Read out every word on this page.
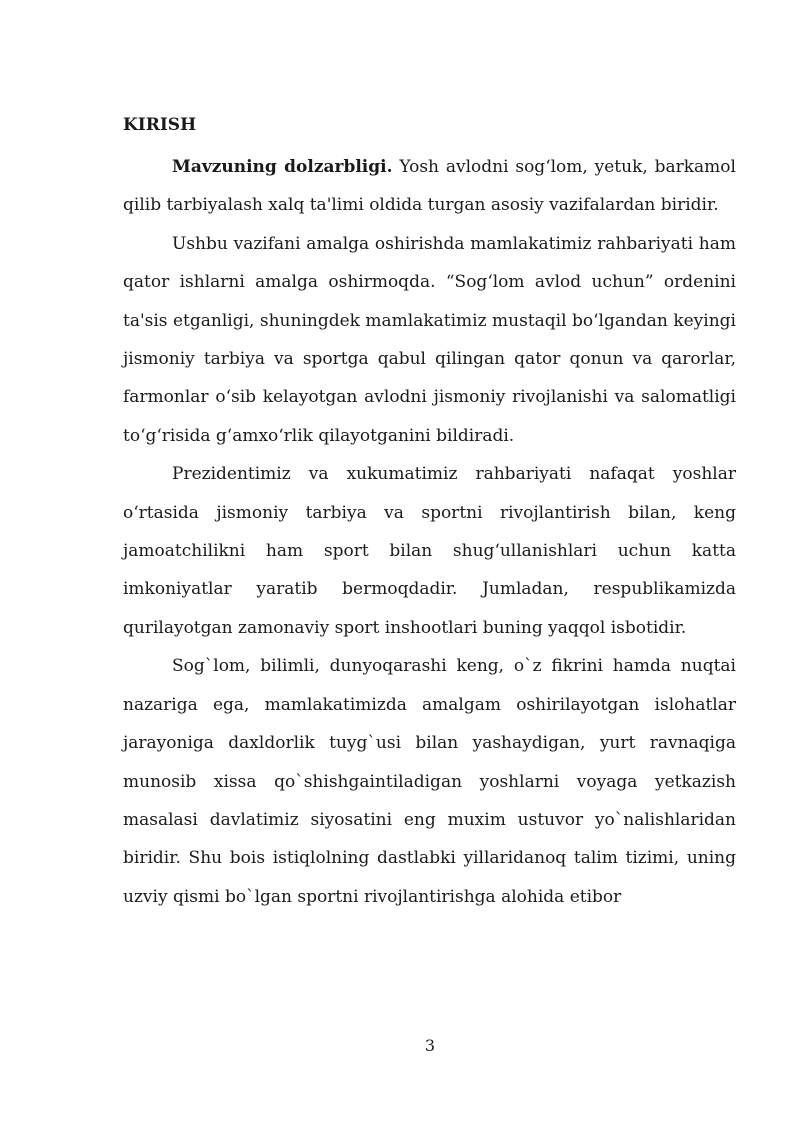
KIRISH

Mavzuning dolzarbligi. Yosh avlodni sog‘lom, yetuk, barkamol qilib tarbiyalash xalq ta'limi oldida turgan asosiy vazifalardan biridir.

Ushbu vazifani amalga oshirishda mamlakatimiz rahbariyati ham qator ishlarni amalga oshirmoqda. “Sog‘lom avlod uchun” ordenini ta'sis etganligi, shuningdek mamlakatimiz mustaqil bo‘lgandan keyingi jismoniy tarbiya va sportga qabul qilingan qator qonun va qarorlar, farmonlar o‘sib kelayotgan avlodni jismoniy rivojlanishi va salomatligi to‘g‘risida g‘amxo‘rlik qilayotganini bildiradi.

Prezidentimiz va xukumatimiz rahbariyati nafaqat yoshlar o‘rtasida jismoniy tarbiya va sportni rivojlantirish bilan, keng jamoatchilikni ham sport bilan shug‘ullanishlari uchun katta imkoniyatlar yaratib bermoqdadir. Jumladan, respublikamizda qurilayotgan zamonaviy sport inshootlari buning yaqqol isbotidir.

Sog`lom, bilimli, dunyoqarashi keng, o`z fikrini hamda nuqtai nazariga ega, mamlakatimizda amalgam oshirilayotgan islohatlar jarayoniga daxldorlik tuyg`usi bilan yashaydigan, yurt ravnaqiga munosib xissa qo`shishgaintiladigan yoshlarni voyaga yetkazish masalasi davlatimiz siyosatini eng muxim ustuvor yo`nalishlaridan biridir. Shu bois istiqlolning dastlabki yillaridanoq talim tizimi, uning uzviy qismi bo`lgan sportni rivojlantirishga alohida etibor

3
